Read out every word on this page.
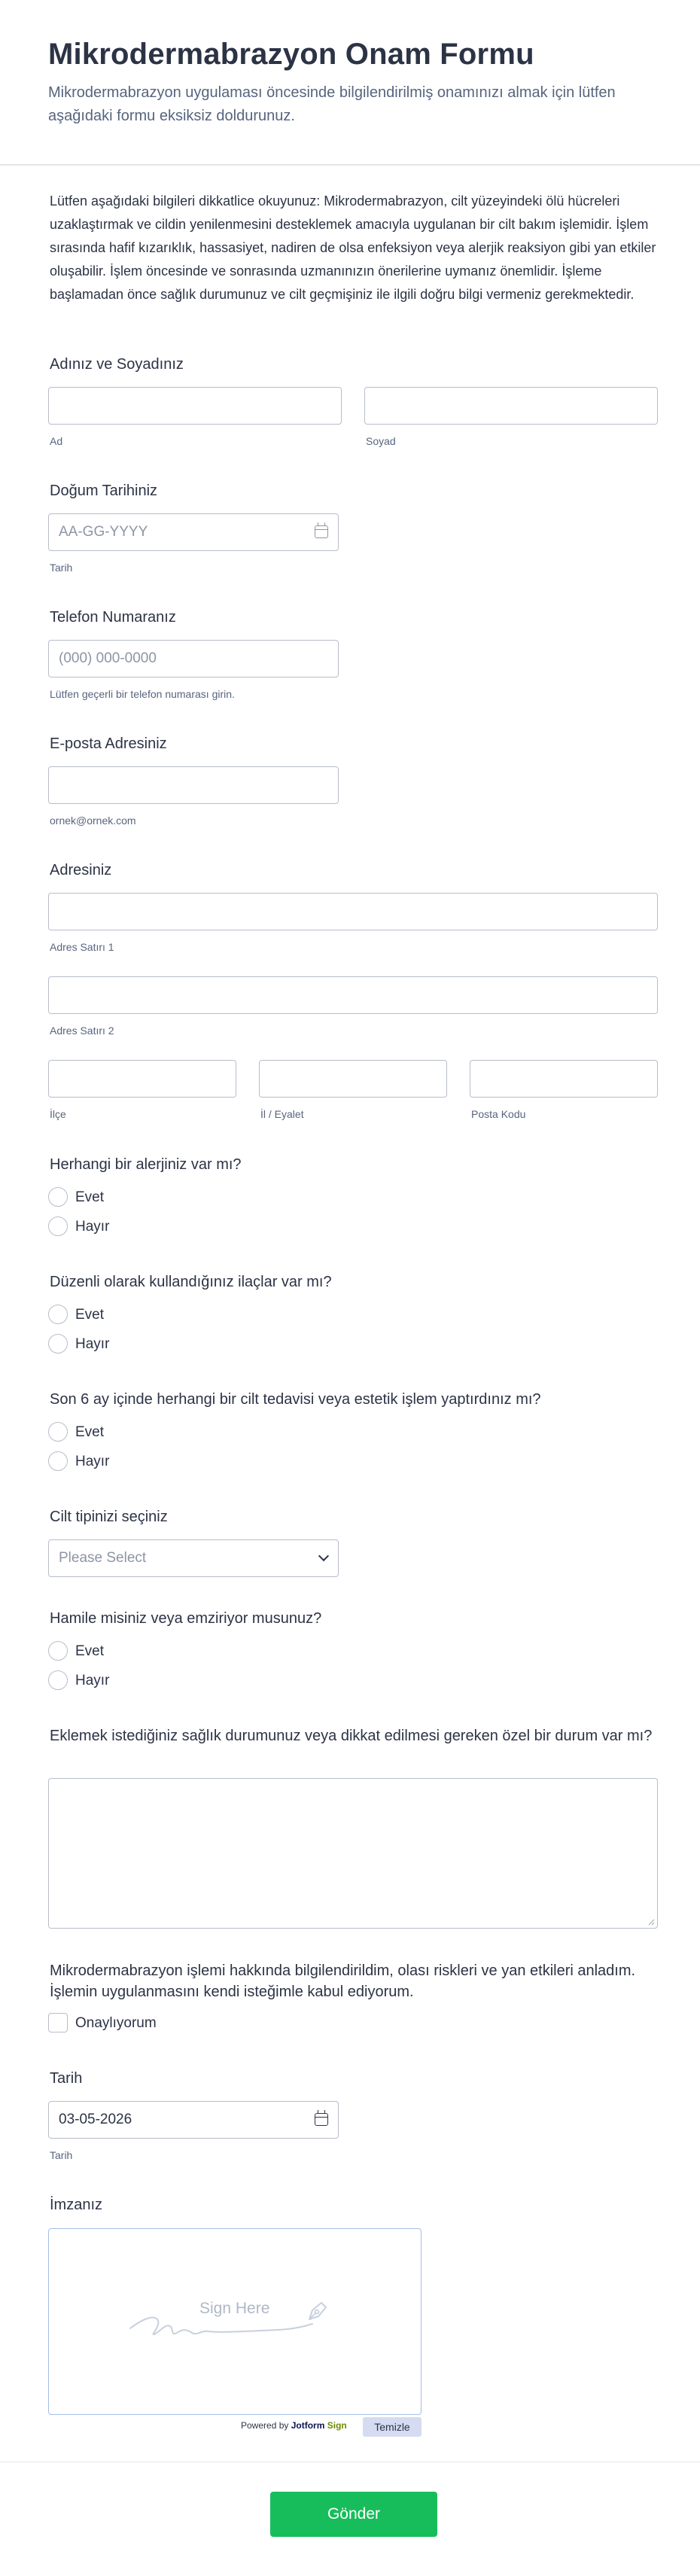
Mikrodermabrazyon Onam Formu
Mikrodermabrazyon uygulaması öncesinde bilgilendirilmiş onamınızı almak için lütfen aşağıdaki formu eksiksiz doldurunuz.
Lütfen aşağıdaki bilgileri dikkatlice okuyunuz: Mikrodermabrazyon, cilt yüzeyindeki ölü hücreleri uzaklaştırmak ve cildin yenilenmesini desteklemek amacıyla uygulanan bir cilt bakım işlemidir. İşlem sırasında hafif kızarıklık, hassasiyet, nadiren de olsa enfeksiyon veya alerjik reaksiyon gibi yan etkiler oluşabilir. İşlem öncesinde ve sonrasında uzmanınızın önerilerine uymanız önemlidir. İşleme başlamadan önce sağlık durumunuz ve cilt geçmişiniz ile ilgili doğru bilgi vermeniz gerekmektedir.
Adınız ve Soyadınız
Ad	Soyad
Doğum Tarihiniz
AA-GG-YYYY
Tarih
Telefon Numaranız
(000) 000-0000
Lütfen geçerli bir telefon numarası girin.
E-posta Adresiniz
ornek@ornek.com
Adresiniz
Adres Satırı 1
Adres Satırı 2
İlçe	İl / Eyalet	Posta Kodu
Herhangi bir alerjiniz var mı?
Evet
Hayır
Düzenli olarak kullandığınız ilaçlar var mı?
Evet
Hayır
Son 6 ay içinde herhangi bir cilt tedavisi veya estetik işlem yaptırdınız mı?
Evet
Hayır
Cilt tipinizi seçiniz
Please Select
Hamile misiniz veya emziriyor musunuz?
Evet
Hayır
Eklemek istediğiniz sağlık durumunuz veya dikkat edilmesi gereken özel bir durum var mı?
Mikrodermabrazyon işlemi hakkında bilgilendirildim, olası riskleri ve yan etkileri anladım. İşlemin uygulanmasını kendi isteğimle kabul ediyorum.
Onaylıyorum
Tarih
03-05-2026
Tarih
İmzanız
Sign Here
Powered by Jotform Sign	Temizle
Gönder
